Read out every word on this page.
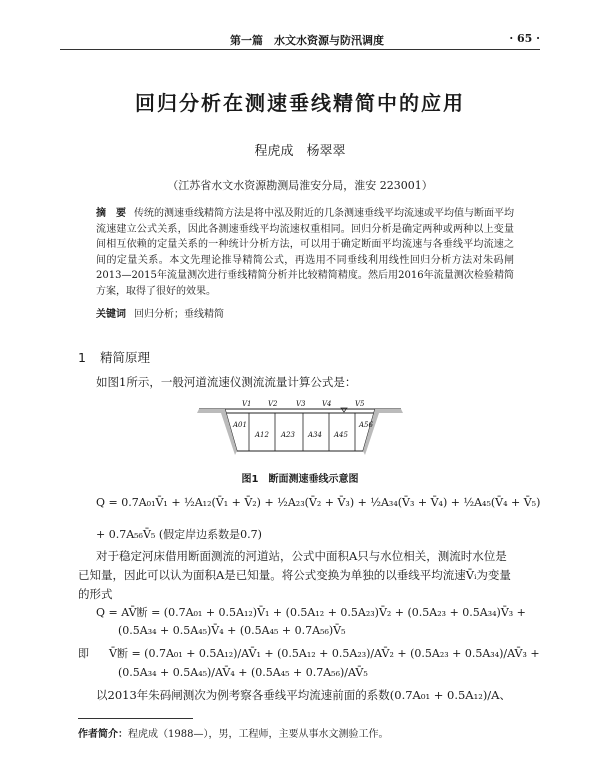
第一篇　水文水资源与防汛调度	· 65 ·
回归分析在测速垂线精简中的应用
程虎成　杨翠翠
（江苏省水文水资源勘测局淮安分局，淮安 223001）
摘　要 传统的测速垂线精简方法是将中泓及附近的几条测速垂线平均流速或平均值与断面平均流速建立公式关系，因此各测速垂线平均流速权重相同。回归分析是确定两种或两种以上变量间相互依赖的定量关系的一种统计分析方法，可以用于确定断面平均流速与各垂线平均流速之间的定量关系。本文先理论推导精简公式，再选用不同垂线利用线性回归分析方法对朱码闸2013—2015年流量测次进行垂线精简分析并比较精简精度。然后用2016年流量测次检验精简方案，取得了很好的效果。
关键词 回归分析；垂线精简
1 精简原理
如图1所示，一般河道流速仪测流流量计算公式是：
V1 V2	V3 V4	V5
A01
A12 A23 A34 A45
A56
图1　断面测速垂线示意图
Q = 0.7A₀₁V̄₁ + ½A₁₂(V̄₁ + V̄₂) + ½A₂₃(V̄₂ + V̄₃) + ½A₃₄(V̄₃ + V̄₄) + ½A₄₅(V̄₄ + V̄₅)
+ 0.7A₅₆V̄₅ (假定岸边系数是0.7)
对于稳定河床借用断面测流的河道站，公式中面积A只与水位相关，测流时水位是
已知量，因此可以认为面积A是已知量。将公式变换为单独的以垂线平均流速V̄ᵢ为变量
的形式
Q = AV̄断 = (0.7A₀₁ + 0.5A₁₂)V̄₁ + (0.5A₁₂ + 0.5A₂₃)V̄₂ + (0.5A₂₃ + 0.5A₃₄)V̄₃ +
(0.5A₃₄ + 0.5A₄₅)V̄₄ + (0.5A₄₅ + 0.7A₅₆)V̄₅
即 V̄断 = (0.7A₀₁ + 0.5A₁₂)/AV̄₁ + (0.5A₁₂ + 0.5A₂₃)/AV̄₂ + (0.5A₂₃ + 0.5A₃₄)/AV̄₃ +
(0.5A₃₄ + 0.5A₄₅)/AV̄₄ + (0.5A₄₅ + 0.7A₅₆)/AV̄₅
以2013年朱码闸测次为例考察各垂线平均流速前面的系数(0.7A₀₁ + 0.5A₁₂)/A、
作者简介：程虎成（1988—），男，工程师，主要从事水文测验工作。
